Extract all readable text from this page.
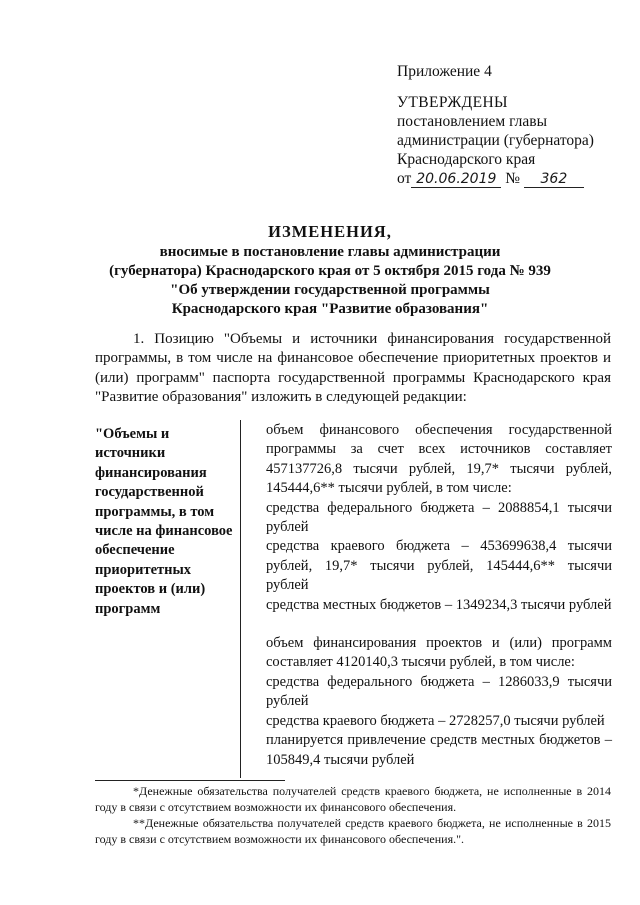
Приложение 4
УТВЕРЖДЕНЫ
постановлением главы
администрации (губернатора)
Краснодарского края
от 20.06.2019 № 362
ИЗМЕНЕНИЯ,
вносимые в постановление главы администрации
(губернатора) Краснодарского края от 5 октября 2015 года № 939
"Об утверждении государственной программы
Краснодарского края "Развитие образования"
1. Позицию "Объемы и источники финансирования государственной программы, в том числе на финансовое обеспечение приоритетных проектов и (или) программ" паспорта государственной программы Краснодарского края "Развитие образования" изложить в следующей редакции:
"Объемы и источники финансирования государственной программы, в том числе на финансовое обеспечение приоритетных проектов и (или) программ

объем финансового обеспечения государственной программы за счет всех источников составляет 457137726,8 тысячи рублей, 19,7* тысячи рублей, 145444,6** тысячи рублей, в том числе:

средства федерального бюджета – 2088854,1 тысячи рублей

средства краевого бюджета – 453699638,4 тысячи рублей, 19,7* тысячи рублей, 145444,6** тысячи рублей

средства местных бюджетов – 1349234,3 тысячи рублей

объем финансирования проектов и (или) программ составляет 4120140,3 тысячи рублей, в том числе:

средства федерального бюджета – 1286033,9 тысячи рублей

средства краевого бюджета – 2728257,0 тысячи рублей

планируется привлечение средств местных бюджетов – 105849,4 тысячи рублей

*Денежные обязательства получателей средств краевого бюджета, не исполненные в 2014 году в связи с отсутствием возможности их финансового обеспечения.

**Денежные обязательства получателей средств краевого бюджета, не исполненные в 2015 году в связи с отсутствием возможности их финансового обеспечения.".
